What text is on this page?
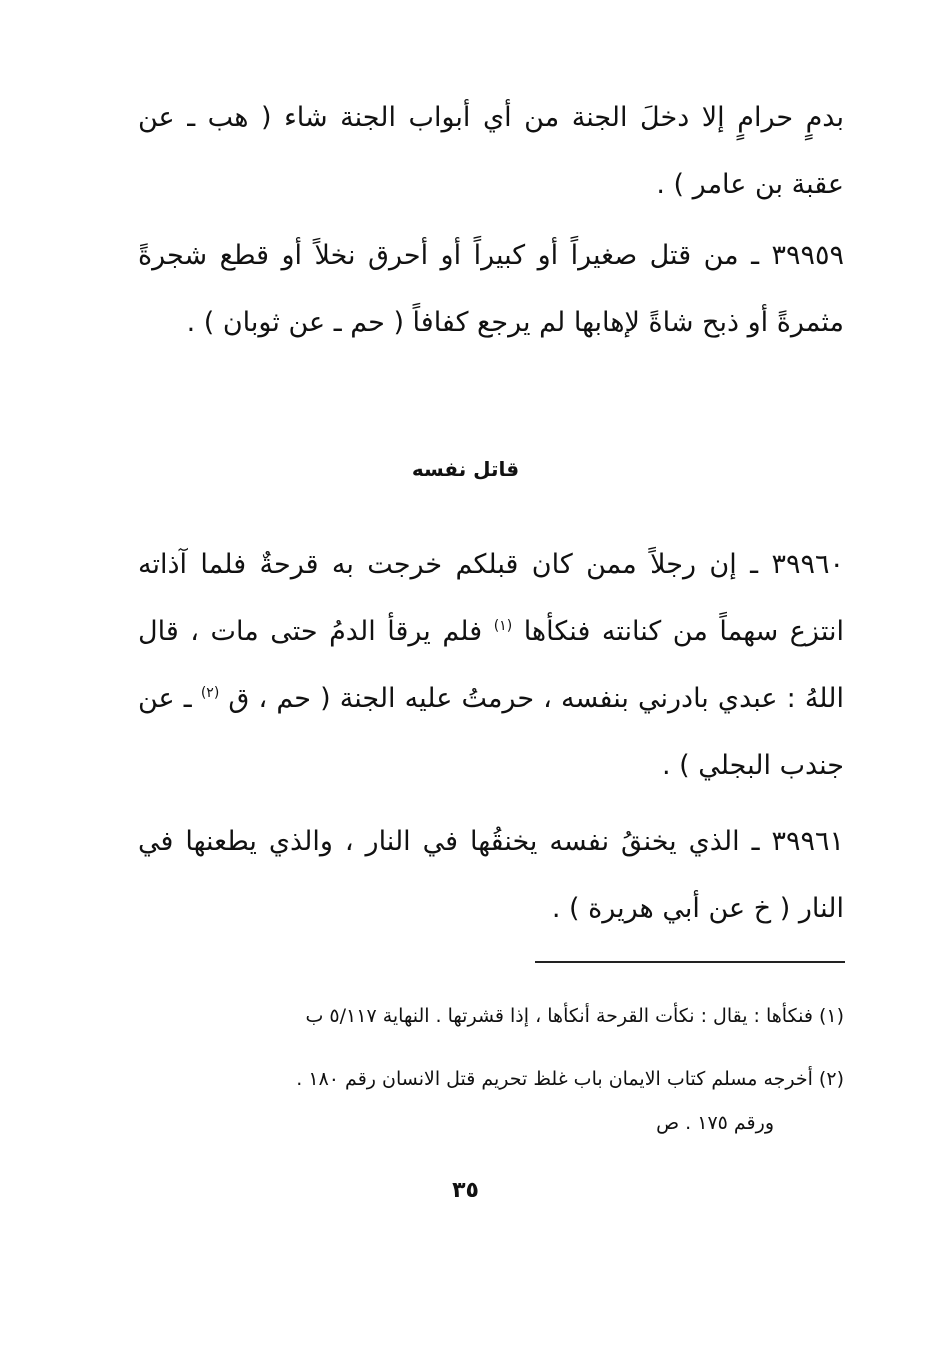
بدمٍ حرامٍ إلا دخلَ الجنة من أي أبواب الجنة شاء ( هب ـ عن عقبة بن عامر ) .

٣٩٩٥٩ ـ من قتل صغيراً أو كبيراً أو أحرق نخلاً أو قطع شجرةً مثمرةً أو ذبح شاةً لإهابها لم يرجع كفافاً ( حم ـ عن ثوبان ) .

قاتل نفسه

٣٩٩٦٠ ـ إن رجلاً ممن كان قبلكم خرجت به قرحةٌ فلما آذاته انتزع سهماً من كنانته فنكأها $^{(١)}$ فلم يرقأ الدمُ حتى مات ، قال اللهُ : عبدي بادرني بنفسه ، حرمتُ عليه الجنة ( حم ، ق $^{(٢)}$ ـ عن جندب البجلي ) .

٣٩٩٦١ ـ الذي يخنقُ نفسه يخنقُها في النار ، والذي يطعنها في النار ( خ عن أبي هريرة ) .

(١) فنكأها : يقال : نكأت القرحة أنكأها ، إذا قشرتها . النهاية ٥/١١٧ ب
(٢) أخرجه مسلم كتاب الايمان باب غلظ تحريم قتل الانسان رقم ١٨٠ .
ورقم ١٧٥ . ص
٣٥
